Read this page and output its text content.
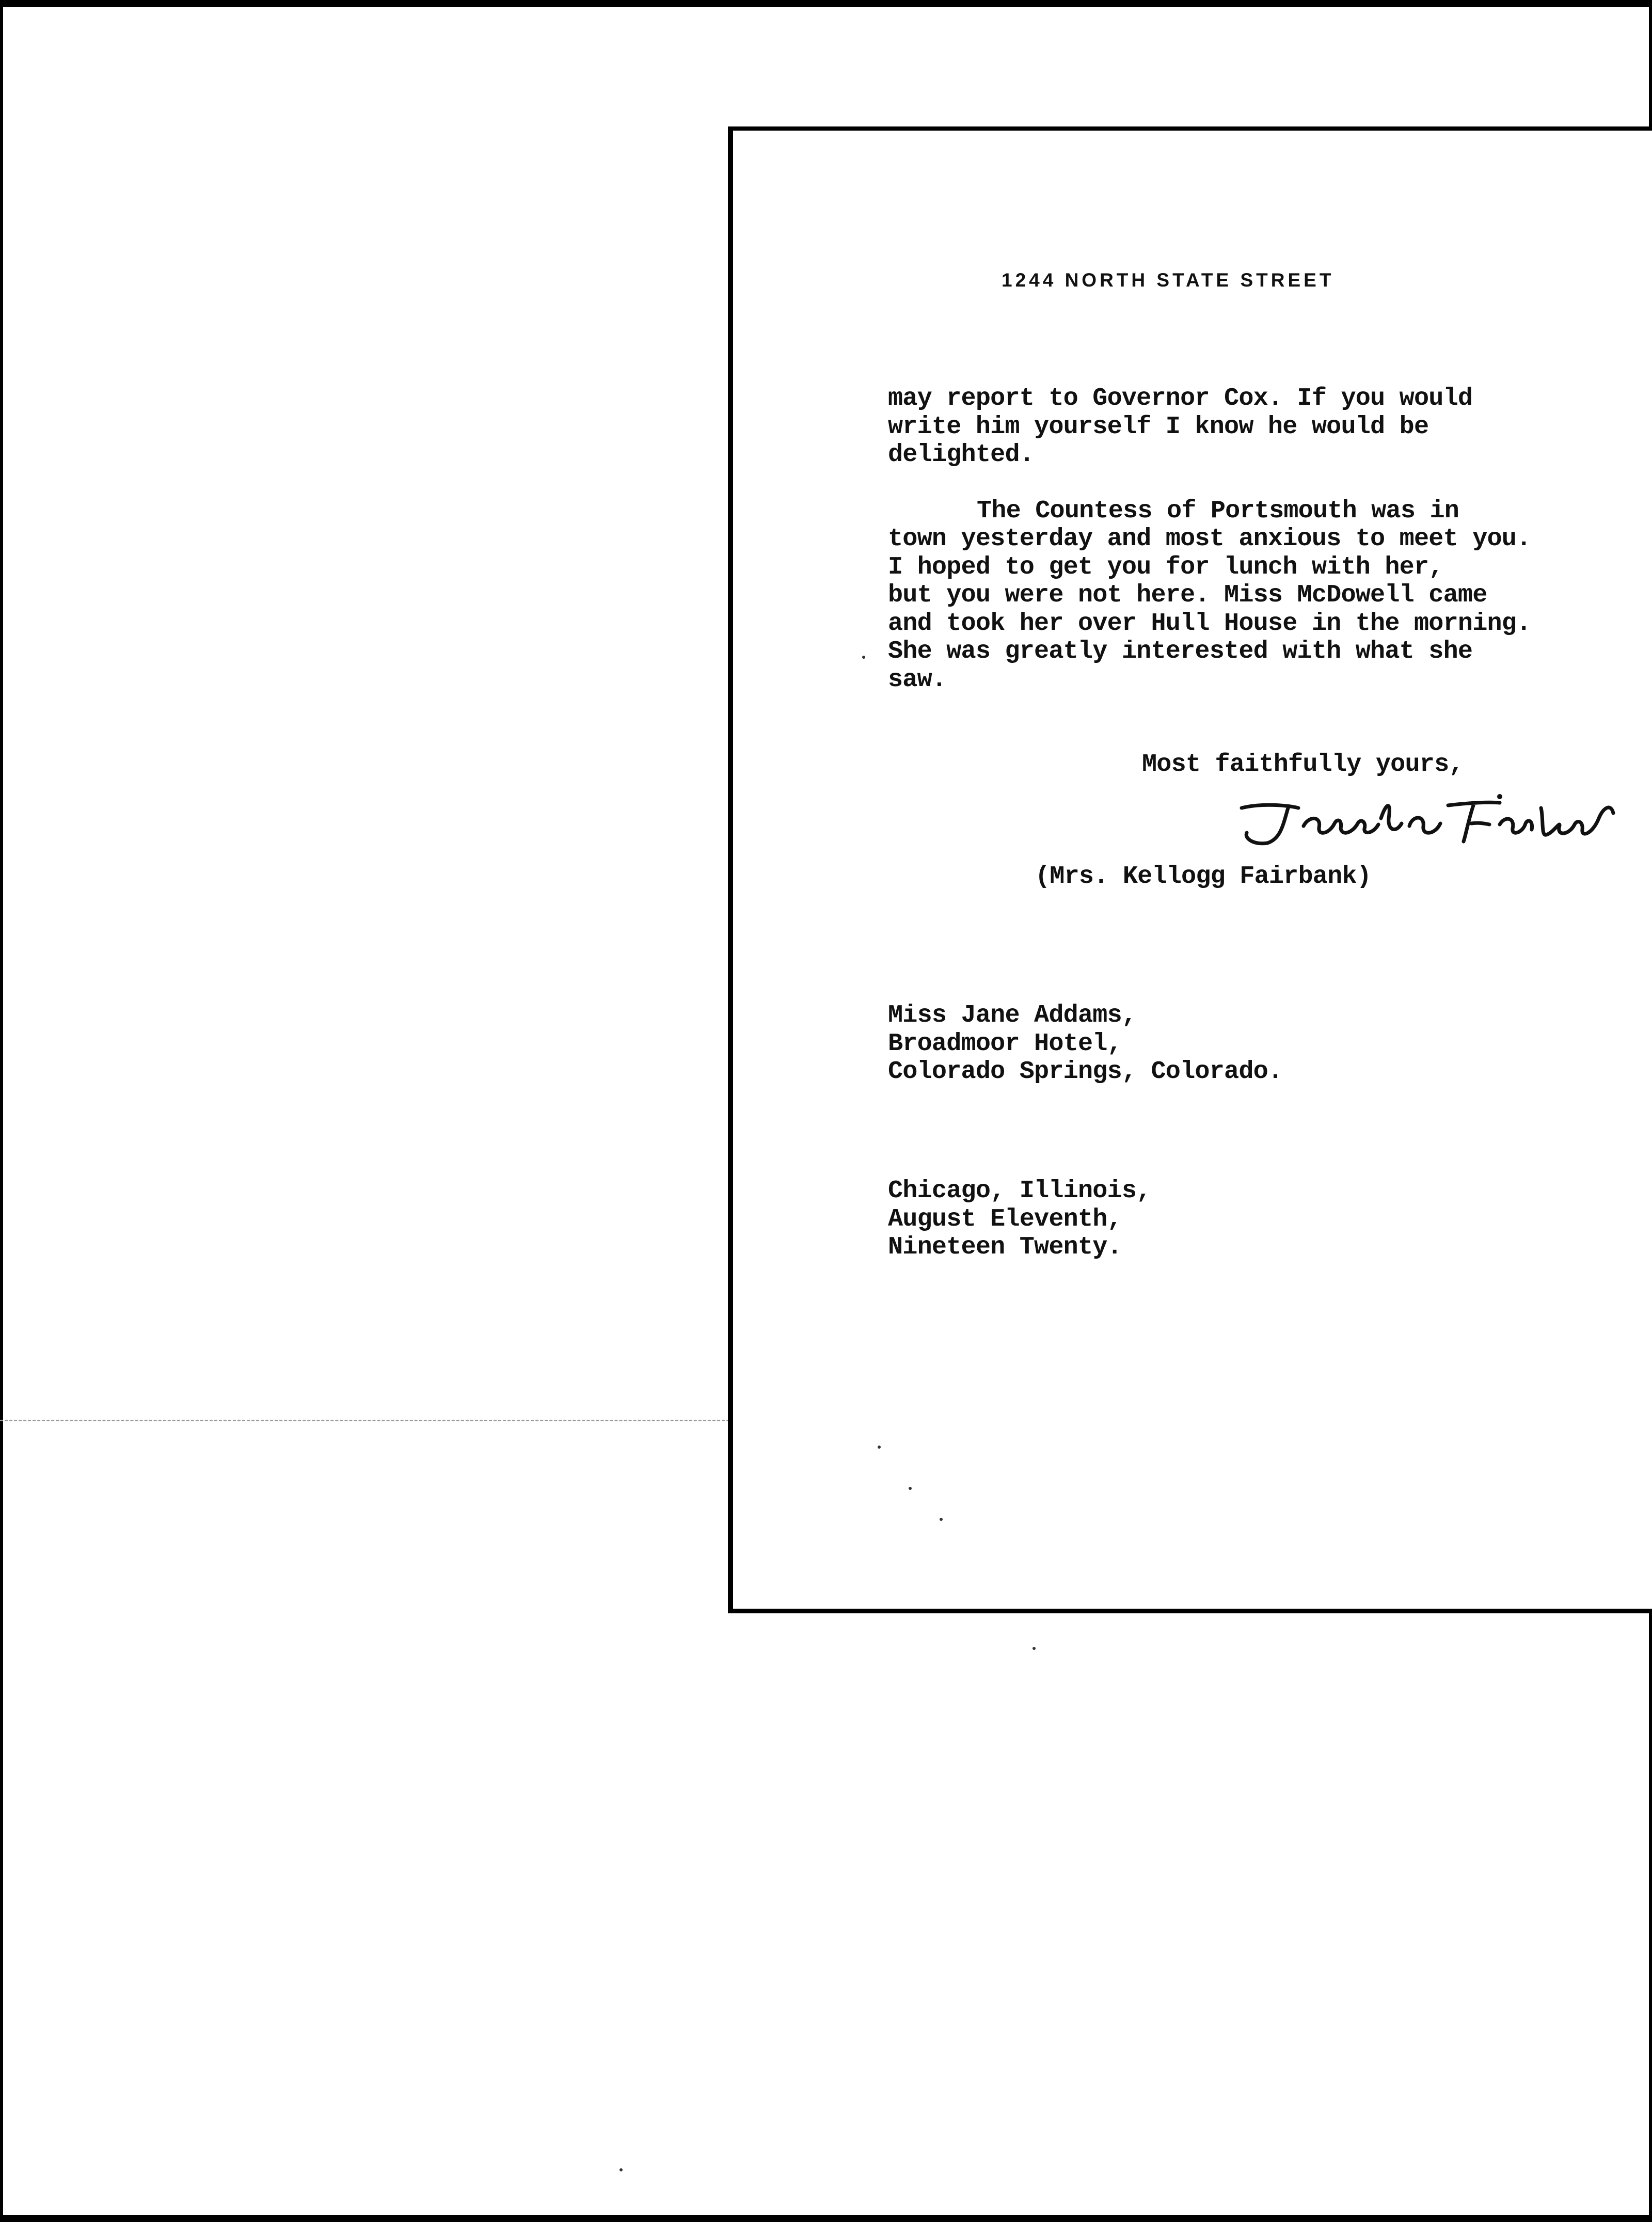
1244 NORTH STATE STREET

may report to Governor Cox. If you would

write him yourself I know he would be

delighted.

The Countess of Portsmouth was in

town yesterday and most anxious to meet you.

I hoped to get you for lunch with her,

but you were not here. Miss McDowell came

and took her over Hull House in the morning.

She was greatly interested with what she

saw.

Most faithfully yours,
(Mrs. Kellogg Fairbank)
Miss Jane Addams,
Broadmoor Hotel,
Colorado Springs, Colorado.
Chicago, Illinois,
August Eleventh,
Nineteen Twenty.
